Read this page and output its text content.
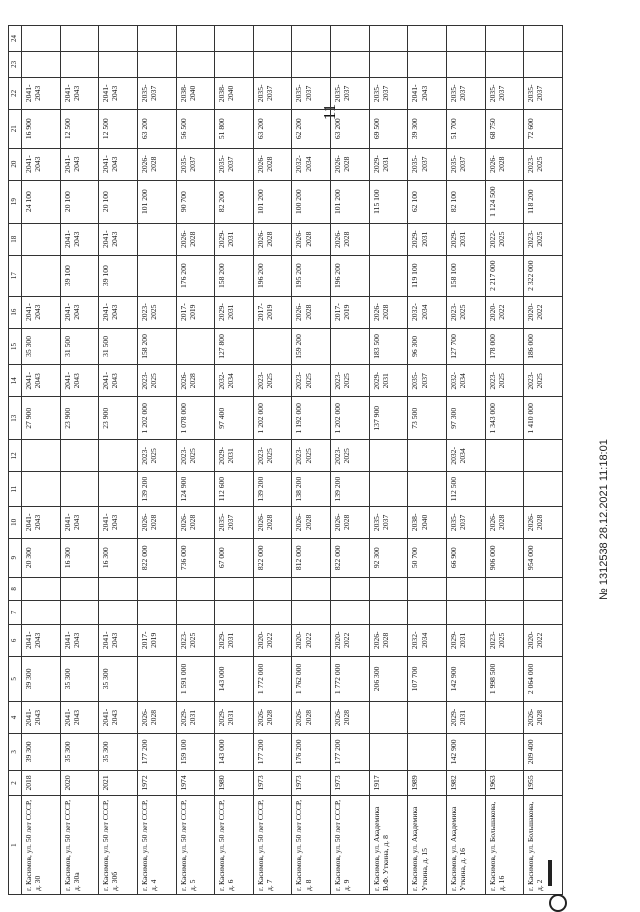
11
1	2	3	4	5	6	7	8	9	10	11	12	13	14	15	16	17	18	19	20	21	22	23	24
г. Касимов, ул. 50 лет СССР, д. 30	2018	39 300	2041-2043	39 300	2041-2043			20 300	2041-2043			27 900	2041-2043	35 300	2041-2043			24 100	2041-2043	16 900	2041-2043		
г. Касимов, ул. 50 лет СССР, д. 30а	2020	35 300	2041-2043	35 300	2041-2043			16 300	2041-2043			23 900	2041-2043	31 500	2041-2043	39 100	2041-2043	20 100	2041-2043	12 500	2041-2043		
г. Касимов, ул. 50 лет СССР, д. 30б	2021	35 300	2041-2043	35 300	2041-2043			16 300	2041-2043			23 900	2041-2043	31 500	2041-2043	39 100	2041-2043	20 100	2041-2043	12 500	2041-2043		
г. Касимов, ул. 50 лет СССР, д. 4	1972	177 200	2026-2028		2017-2019			822 000	2026-2028	139 200	2023-2025	1 202 000	2023-2025	158 200	2023-2025			101 200	2026-2028	63 200	2035-2037		
г. Касимов, ул. 50 лет СССР, д. 5	1974	159 100	2029-2031	1 591 000	2023-2025			736 000	2026-2028	124 900	2023-2025	1 078 000	2026-2028		2017-2019	176 200	2026-2028	90 700	2035-2037	56 500	2038-2040		
г. Касимов, ул. 50 лет СССР, д. 6	1980	143 000	2029-2031	143 000	2029-2031			67 000	2035-2037	112 600	2029-2031	97 400	2032-2034	127 800	2029-2031	158 200	2029-2031	82 200	2035-2037	51 800	2038-2040		
г. Касимов, ул. 50 лет СССР, д. 7	1973	177 200	2026-2028	1 772 000	2020-2022			822 000	2026-2028	139 200	2023-2025	1 202 000	2023-2025		2017-2019	196 200	2026-2028	101 200	2026-2028	63 200	2035-2037		
г. Касимов, ул. 50 лет СССР, д. 8	1973	176 200	2026-2028	1 762 000	2020-2022			812 000	2026-2028	138 200	2023-2025	1 192 000	2023-2025	159 200	2026-2028	195 200	2026-2028	100 200	2032-2034	62 200	2035-2037		
г. Касимов, ул. 50 лет СССР, д. 9	1973	177 200	2026-2028	1 772 000	2020-2022			822 000	2026-2028	139 200	2023-2025	1 202 000	2023-2025		2017-2019	196 200	2026-2028	101 200	2026-2028	63 200	2035-2037		
г. Касимов, ул. Академика В.Ф. Уткина, д. 8	1917			206 300	2026-2028			92 300	2035-2037			137 900	2029-2031	183 500	2026-2028			115 100	2029-2031	69 500	2035-2037		
г. Касимов, ул. Академика Уткина, д. 15	1989			107 700	2032-2034			50 700	2038-2040			73 500	2035-2037	96 300	2032-2034	119 100	2029-2031	62 100	2035-2037	39 300	2041-2043		
г. Касимов, ул. Академика Уткина, д. 16	1982	142 900	2029-2031	142 900	2029-2031			66 900	2035-2037	112 500	2032-2034	97 300	2032-2034	127 700	2023-2025	158 100	2029-2031	82 100	2035-2037	51 700	2035-2037		
г. Касимов, ул. Большакова, д. 16	1963			1 998 500	2023-2025			906 000	2026-2028			1 343 000	2023-2025	178 000	2020-2022	2 217 000	2022-2025	1 124 500	2026-2028	68 750	2035-2037		
г. Касимов, ул. Большакова, д. 2	1955	209 400	2026-2028	2 064 000	2020-2022			954 000	2026-2028			1 410 000	2023-2025	186 000	2020-2022	2 322 000	2023-2025	118 200	2023-2025	72 600	2035-2037		
№ 1312538 28.12.2021 11:18:01
